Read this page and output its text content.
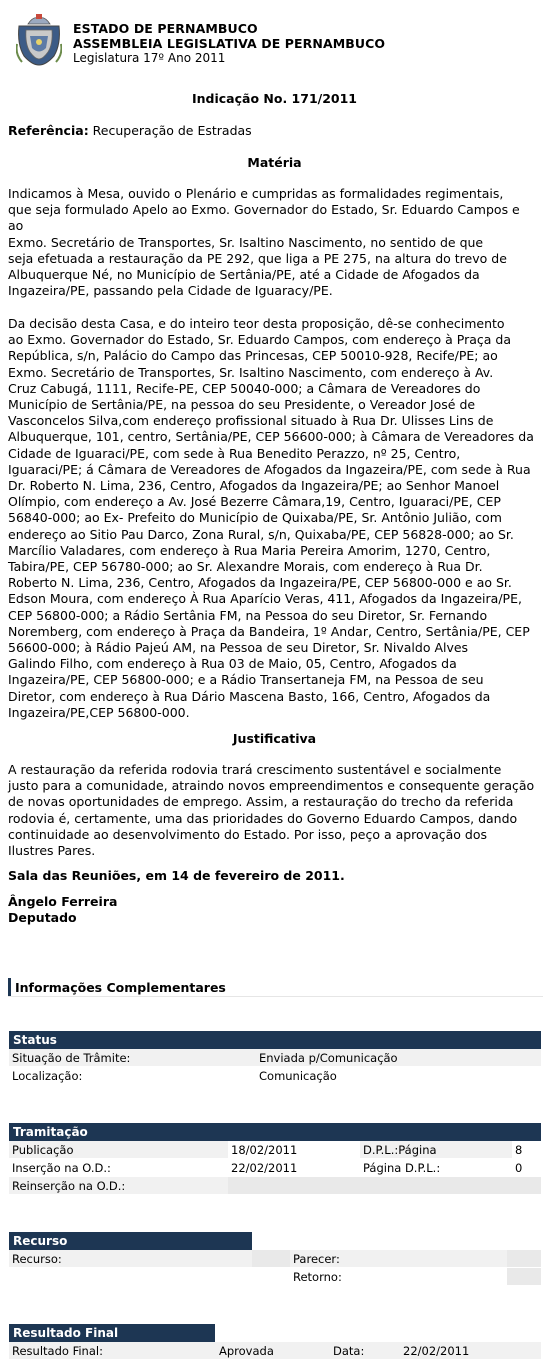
ESTADO DE PERNAMBUCO
ASSEMBLEIA LEGISLATIVA DE PERNAMBUCO
Legislatura 17º Ano 2011
Indicação No. 171/2011
Referência: Recuperação de Estradas
Matéria
Indicamos à Mesa, ouvido o Plenário e cumpridas as formalidades regimentais,
que seja formulado Apelo ao Exmo. Governador do Estado, Sr. Eduardo Campos e
ao
Exmo. Secretário de Transportes, Sr. Isaltino Nascimento, no sentido de que
seja efetuada a restauração da PE 292, que liga a PE 275, na altura do trevo de
Albuquerque Né, no Município de Sertânia/PE, até a Cidade de Afogados da
Ingazeira/PE, passando pela Cidade de Iguaracy/PE.
Da decisão desta Casa, e do inteiro teor desta proposição, dê-se conhecimento
ao Exmo. Governador do Estado, Sr. Eduardo Campos, com endereço à Praça da
República, s/n, Palácio do Campo das Princesas, CEP 50010-928, Recife/PE; ao
Exmo. Secretário de Transportes, Sr. Isaltino Nascimento, com endereço à Av.
Cruz Cabugá, 1111, Recife-PE, CEP 50040-000; a Câmara de Vereadores do
Município de Sertânia/PE, na pessoa do seu Presidente, o Vereador José de
Vasconcelos Silva,com endereço profissional situado à Rua Dr. Ulisses Lins de
Albuquerque, 101, centro, Sertânia/PE, CEP 56600-000; à Câmara de Vereadores da
Cidade de Iguaraci/PE, com sede à Rua Benedito Perazzo, nº 25, Centro,
Iguaraci/PE; á Câmara de Vereadores de Afogados da Ingazeira/PE, com sede à Rua
Dr. Roberto N. Lima, 236, Centro, Afogados da Ingazeira/PE; ao Senhor Manoel
Olímpio, com endereço a Av. José Bezerre Câmara,19, Centro, Iguaraci/PE, CEP
56840-000; ao Ex- Prefeito do Município de Quixaba/PE, Sr. Antônio Julião, com
endereço ao Sitio Pau Darco, Zona Rural, s/n, Quixaba/PE, CEP 56828-000; ao Sr.
Marcílio Valadares, com endereço à Rua Maria Pereira Amorim, 1270, Centro,
Tabira/PE, CEP 56780-000; ao Sr. Alexandre Morais, com endereço à Rua Dr.
Roberto N. Lima, 236, Centro, Afogados da Ingazeira/PE, CEP 56800-000 e ao Sr.
Edson Moura, com endereço À Rua Aparício Veras, 411, Afogados da Ingazeira/PE,
CEP 56800-000; a Rádio Sertânia FM, na Pessoa do seu Diretor, Sr. Fernando
Noremberg, com endereço à Praça da Bandeira, 1º Andar, Centro, Sertânia/PE, CEP
56600-000; à Rádio Pajeú AM, na Pessoa de seu Diretor, Sr. Nivaldo Alves
Galindo Filho, com endereço à Rua 03 de Maio, 05, Centro, Afogados da
Ingazeira/PE, CEP 56800-000; e a Rádio Transertaneja FM, na Pessoa de seu
Diretor, com endereço à Rua Dário Mascena Basto, 166, Centro, Afogados da
Ingazeira/PE,CEP 56800-000.
Justificativa
A restauração da referida rodovia trará crescimento sustentável e socialmente
justo para a comunidade, atraindo novos empreendimentos e consequente geração
de novas oportunidades de emprego. Assim, a restauração do trecho da referida
rodovia é, certamente, uma das prioridades do Governo Eduardo Campos, dando
continuidade ao desenvolvimento do Estado. Por isso, peço a aprovação dos
Ilustres Pares.
Sala das Reuniões, em 14 de fevereiro de 2011.
Ângelo Ferreira
Deputado
Informações Complementares
Status
Situação de Trâmite:	Enviada p/Comunicação
Localização:	Comunicação
Tramitação
Publicação	18/02/2011	D.P.L.:Página	8
Inserção na O.D.:	22/02/2011	Página D.P.L.:	0
Reinserção na O.D.:			
Recurso
Recurso:		Parecer:	
		Retorno:	
Resultado Final
Resultado Final:	Aprovada	Data:	22/02/2011
